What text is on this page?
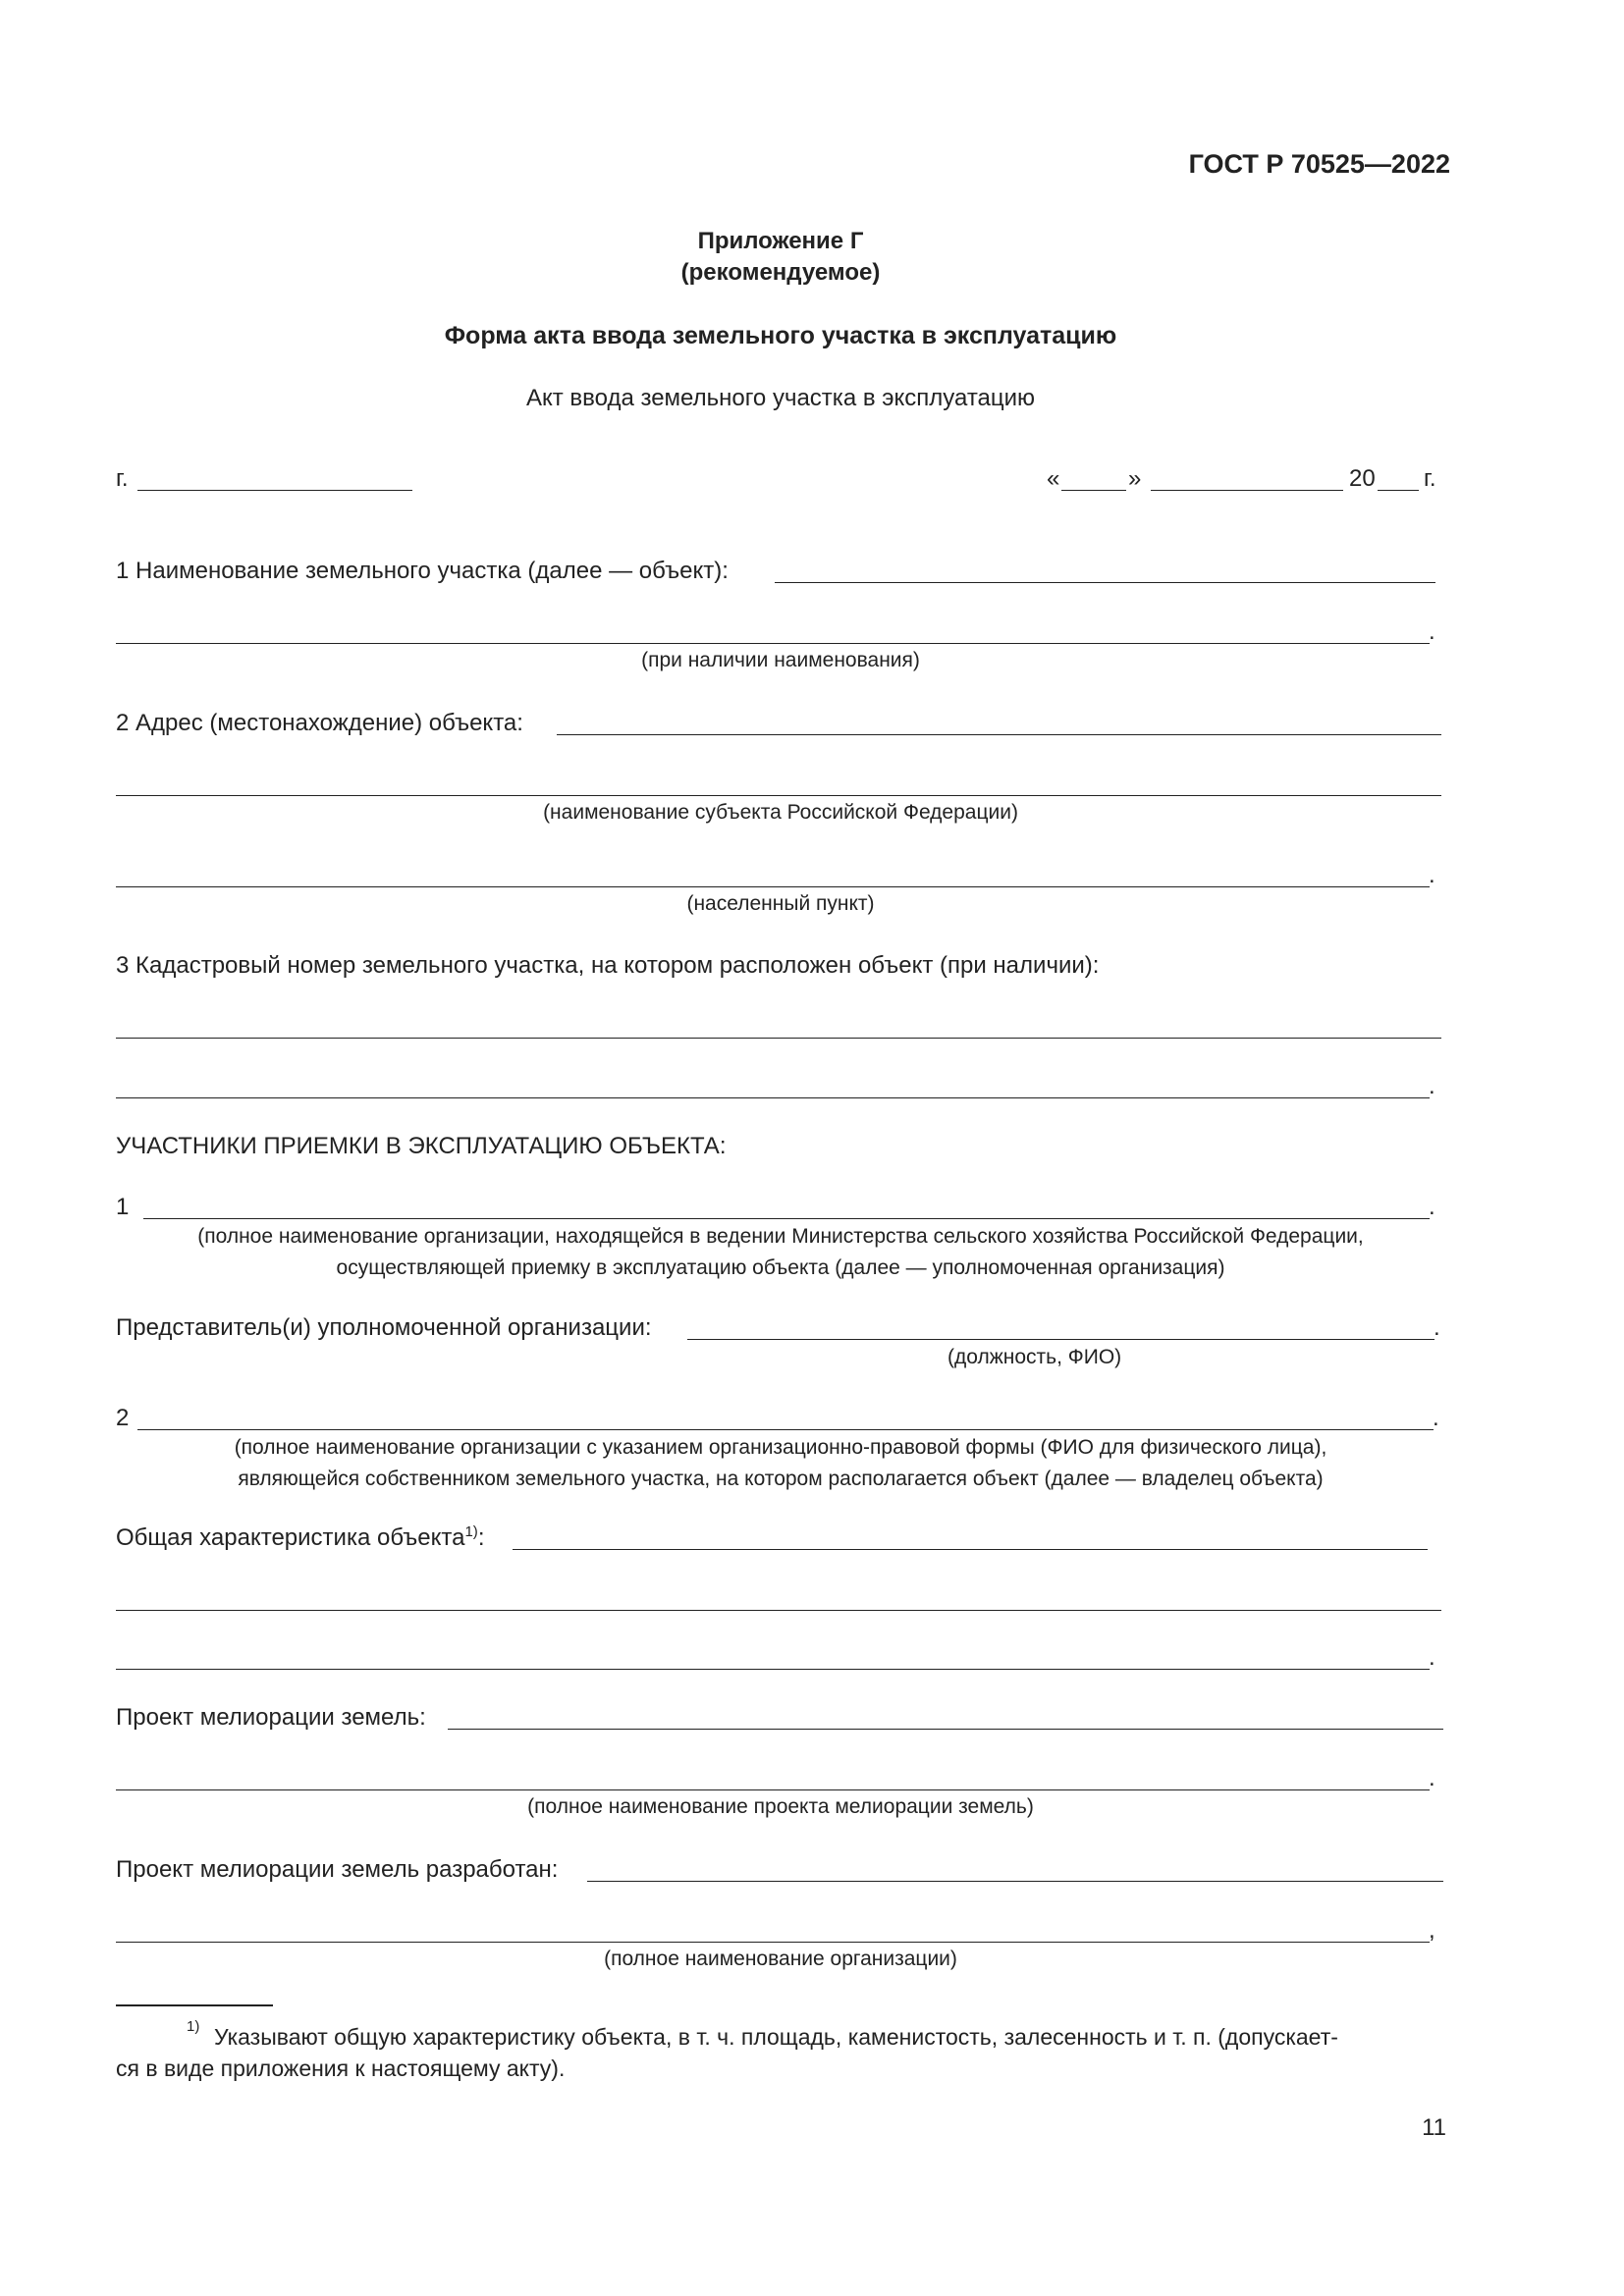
ГОСТ Р 70525—2022
Приложение Г
(рекомендуемое)
Форма акта ввода земельного участка в эксплуатацию
Акт ввода земельного участка в эксплуатацию
г.	«	»	20 г.
1 Наименование земельного участка (далее — объект):
.
(при наличии наименования)
2 Адрес (местонахождение) объекта:
(наименование субъекта Российской Федерации)
.
(населенный пункт)
3 Кадастровый номер земельного участка, на котором расположен объект (при наличии):
.
УЧАСТНИКИ ПРИЕМКИ В ЭКСПЛУАТАЦИЮ ОБЪЕКТА:
1	.
(полное наименование организации, находящейся в ведении Министерства сельского хозяйства Российской Федерации,
осуществляющей приемку в эксплуатацию объекта (далее — уполномоченная организация)
Представитель(и) уполномоченной организации:	.
(должность, ФИО)
2	.
(полное наименование организации с указанием организационно-правовой формы (ФИО для физического лица),
являющейся собственником земельного участка, на котором располагается объект (далее — владелец объекта)
Общая характеристика объекта$^{1)}$:
.
Проект мелиорации земель:
.
(полное наименование проекта мелиорации земель)
Проект мелиорации земель разработан:
,
(полное наименование организации)
1) Указывают общую характеристику объекта, в т. ч. площадь, каменистость, залесенность и т. п. (допускает-
ся в виде приложения к настоящему акту).
11
